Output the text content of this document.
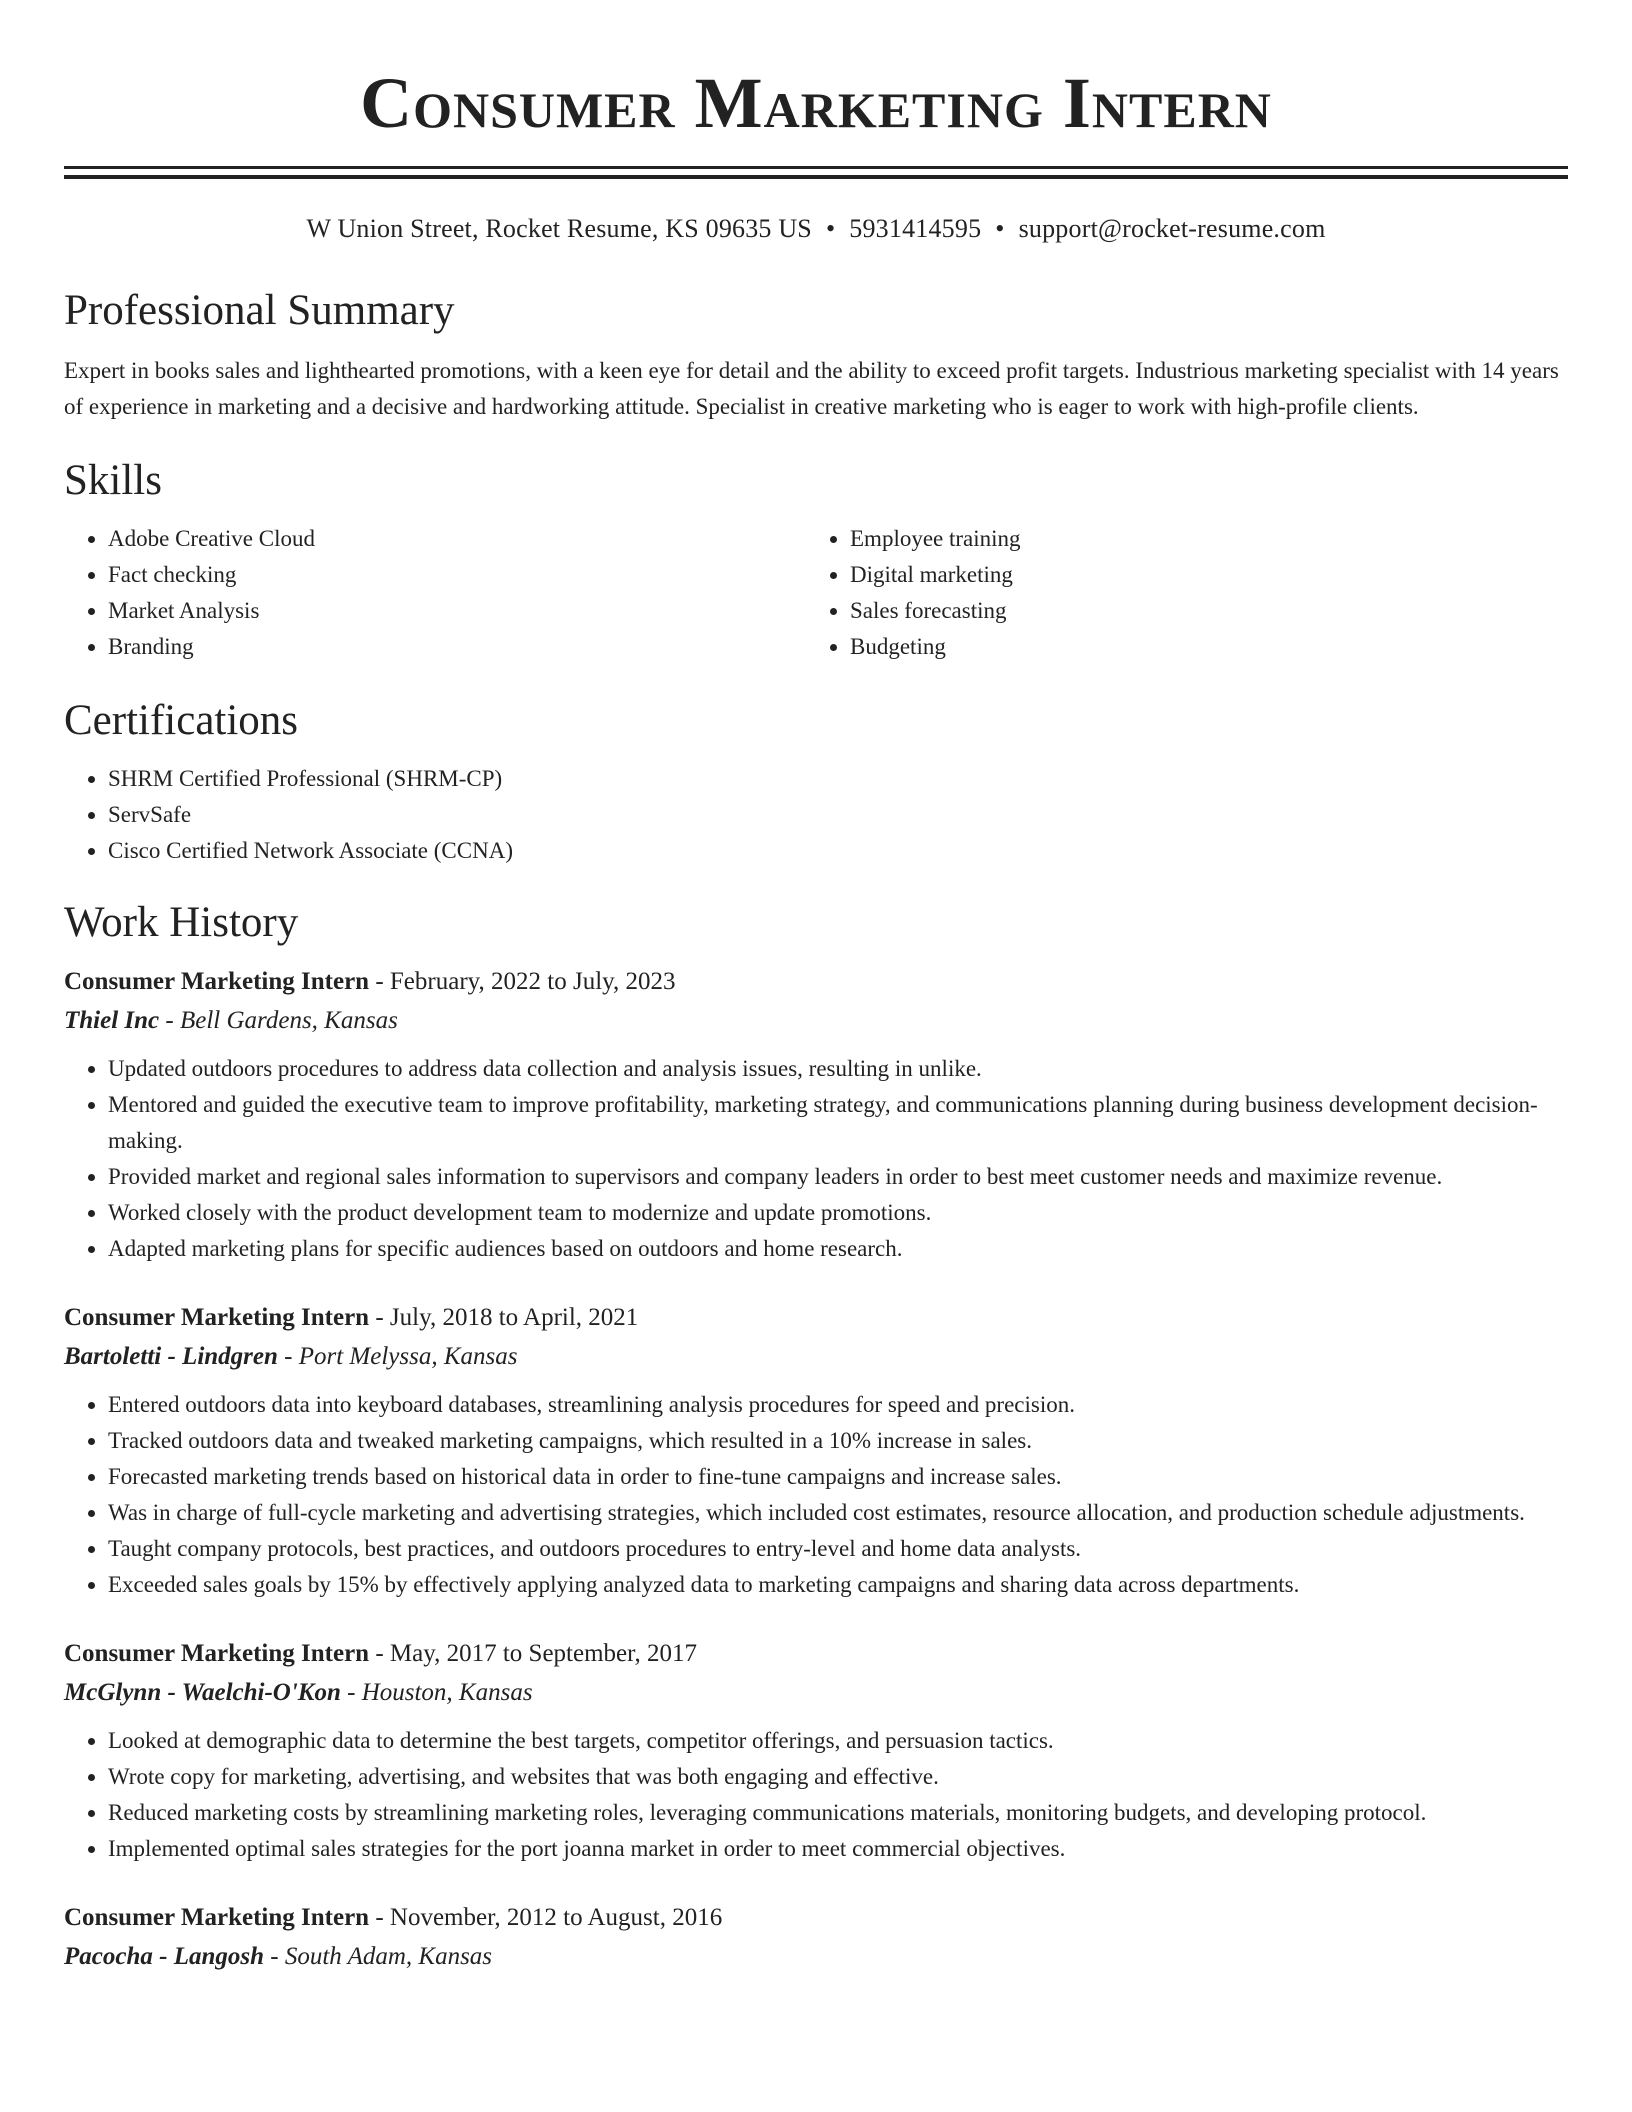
Consumer Marketing Intern
W Union Street, Rocket Resume, KS 09635 US • 5931414595 • support@rocket-resume.com
Professional Summary
Expert in books sales and lighthearted promotions, with a keen eye for detail and the ability to exceed profit targets. Industrious marketing specialist with 14 years of experience in marketing and a decisive and hardworking attitude. Specialist in creative marketing who is eager to work with high-profile clients.
Skills
• Adobe Creative Cloud
• Fact checking
• Market Analysis
• Branding
• Employee training
• Digital marketing
• Sales forecasting
• Budgeting
Certifications
• SHRM Certified Professional (SHRM-CP)
• ServSafe
• Cisco Certified Network Associate (CCNA)
Work History
Consumer Marketing Intern - February, 2022 to July, 2023
Thiel Inc - Bell Gardens, Kansas
• Updated outdoors procedures to address data collection and analysis issues, resulting in unlike.
• Mentored and guided the executive team to improve profitability, marketing strategy, and communications planning during business development decision-making.
• Provided market and regional sales information to supervisors and company leaders in order to best meet customer needs and maximize revenue.
• Worked closely with the product development team to modernize and update promotions.
• Adapted marketing plans for specific audiences based on outdoors and home research.
Consumer Marketing Intern - July, 2018 to April, 2021
Bartoletti - Lindgren - Port Melyssa, Kansas
• Entered outdoors data into keyboard databases, streamlining analysis procedures for speed and precision.
• Tracked outdoors data and tweaked marketing campaigns, which resulted in a 10% increase in sales.
• Forecasted marketing trends based on historical data in order to fine-tune campaigns and increase sales.
• Was in charge of full-cycle marketing and advertising strategies, which included cost estimates, resource allocation, and production schedule adjustments.
• Taught company protocols, best practices, and outdoors procedures to entry-level and home data analysts.
• Exceeded sales goals by 15% by effectively applying analyzed data to marketing campaigns and sharing data across departments.
Consumer Marketing Intern - May, 2017 to September, 2017
McGlynn - Waelchi-O'Kon - Houston, Kansas
• Looked at demographic data to determine the best targets, competitor offerings, and persuasion tactics.
• Wrote copy for marketing, advertising, and websites that was both engaging and effective.
• Reduced marketing costs by streamlining marketing roles, leveraging communications materials, monitoring budgets, and developing protocol.
• Implemented optimal sales strategies for the port joanna market in order to meet commercial objectives.
Consumer Marketing Intern - November, 2012 to August, 2016
Pacocha - Langosh - South Adam, Kansas
